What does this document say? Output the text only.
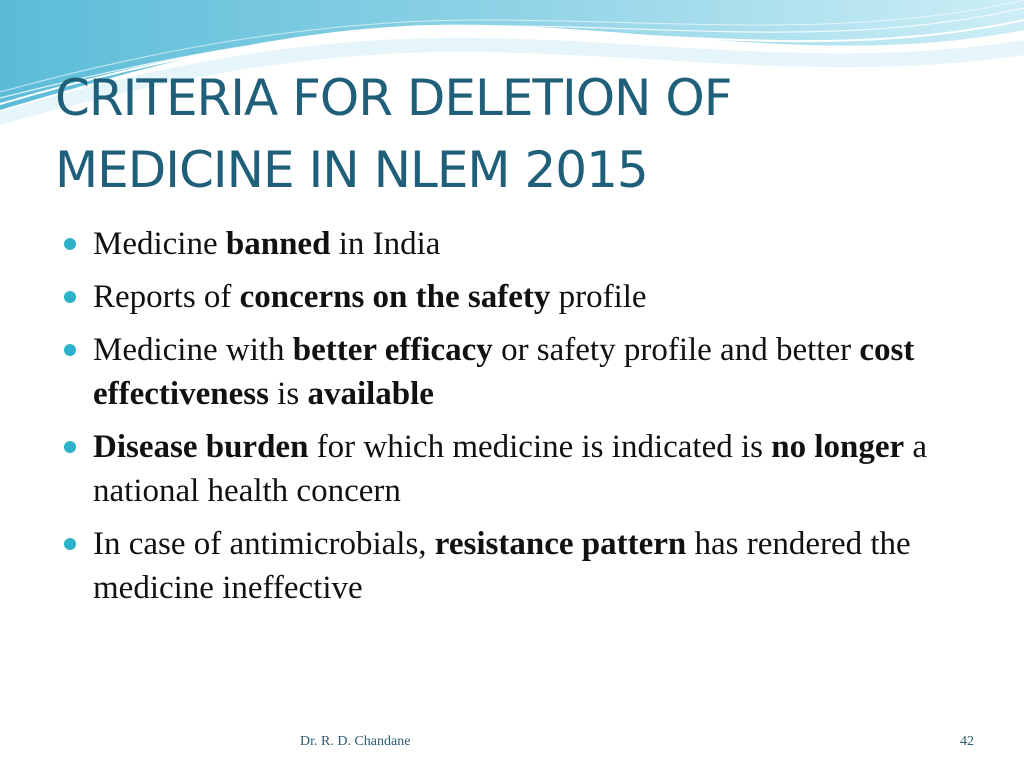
CRITERIA FOR DELETION OF
MEDICINE IN NLEM 2015
Medicine banned in India
Reports of concerns on the safety profile
Medicine with better efficacy or safety profile and better cost effectiveness is available
Disease burden for which medicine is indicated is no longer a national health concern
In case of antimicrobials, resistance pattern has rendered the medicine ineffective
Dr. R. D. Chandane	42
